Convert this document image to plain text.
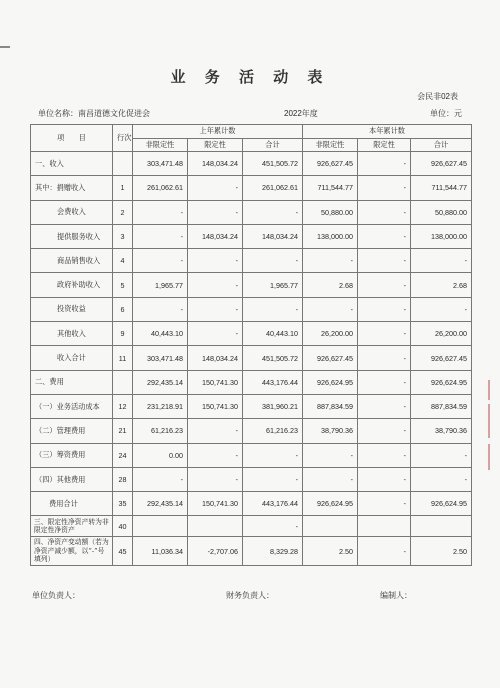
业 务 活 动 表
会民非02表
单位名称：南昌道德文化促进会	2022年度	单位：元
项　　目	行次	上年累计数			本年累计数		
		非限定性	限定性	合计	非限定性	限定性	合计
一、收入		303,471.48	148,034.24	451,505.72	926,627.45	-	926,627.45
其中：捐赠收入	1	261,062.61	-	261,062.61	711,544.77	-	711,544.77
会费收入	2	-	-	-	50,880.00	-	50,880.00
提供服务收入	3	-	148,034.24	148,034.24	138,000.00	-	138,000.00
商品销售收入	4	-	-	-	-	-	-
政府补助收入	5	1,965.77	-	1,965.77	2.68	-	2.68
投资收益	6	-	-	-	-	-	-
其他收入	9	40,443.10	-	40,443.10	26,200.00	-	26,200.00
收入合计	11	303,471.48	148,034.24	451,505.72	926,627.45	-	926,627.45
二、费用		292,435.14	150,741.30	443,176.44	926,624.95	-	926,624.95
（一）业务活动成本	12	231,218.91	150,741.30	381,960.21	887,834.59	-	887,834.59
（二）管理费用	21	61,216.23	-	61,216.23	38,790.36	-	38,790.36
（三）筹资费用	24	0.00	-	-	-	-	-
（四）其他费用	28	-	-	-	-	-	-
费用合计	35	292,435.14	150,741.30	443,176.44	926,624.95	-	926,624.95
三、限定性净资产转为非限定性净资产	40			-			
四、净资产变动额（若为净资产减少额，以“-”号填列）	45	11,036.34	-2,707.06	8,329.28	2.50	-	2.50
单位负责人：	财务负责人：	编制人：
